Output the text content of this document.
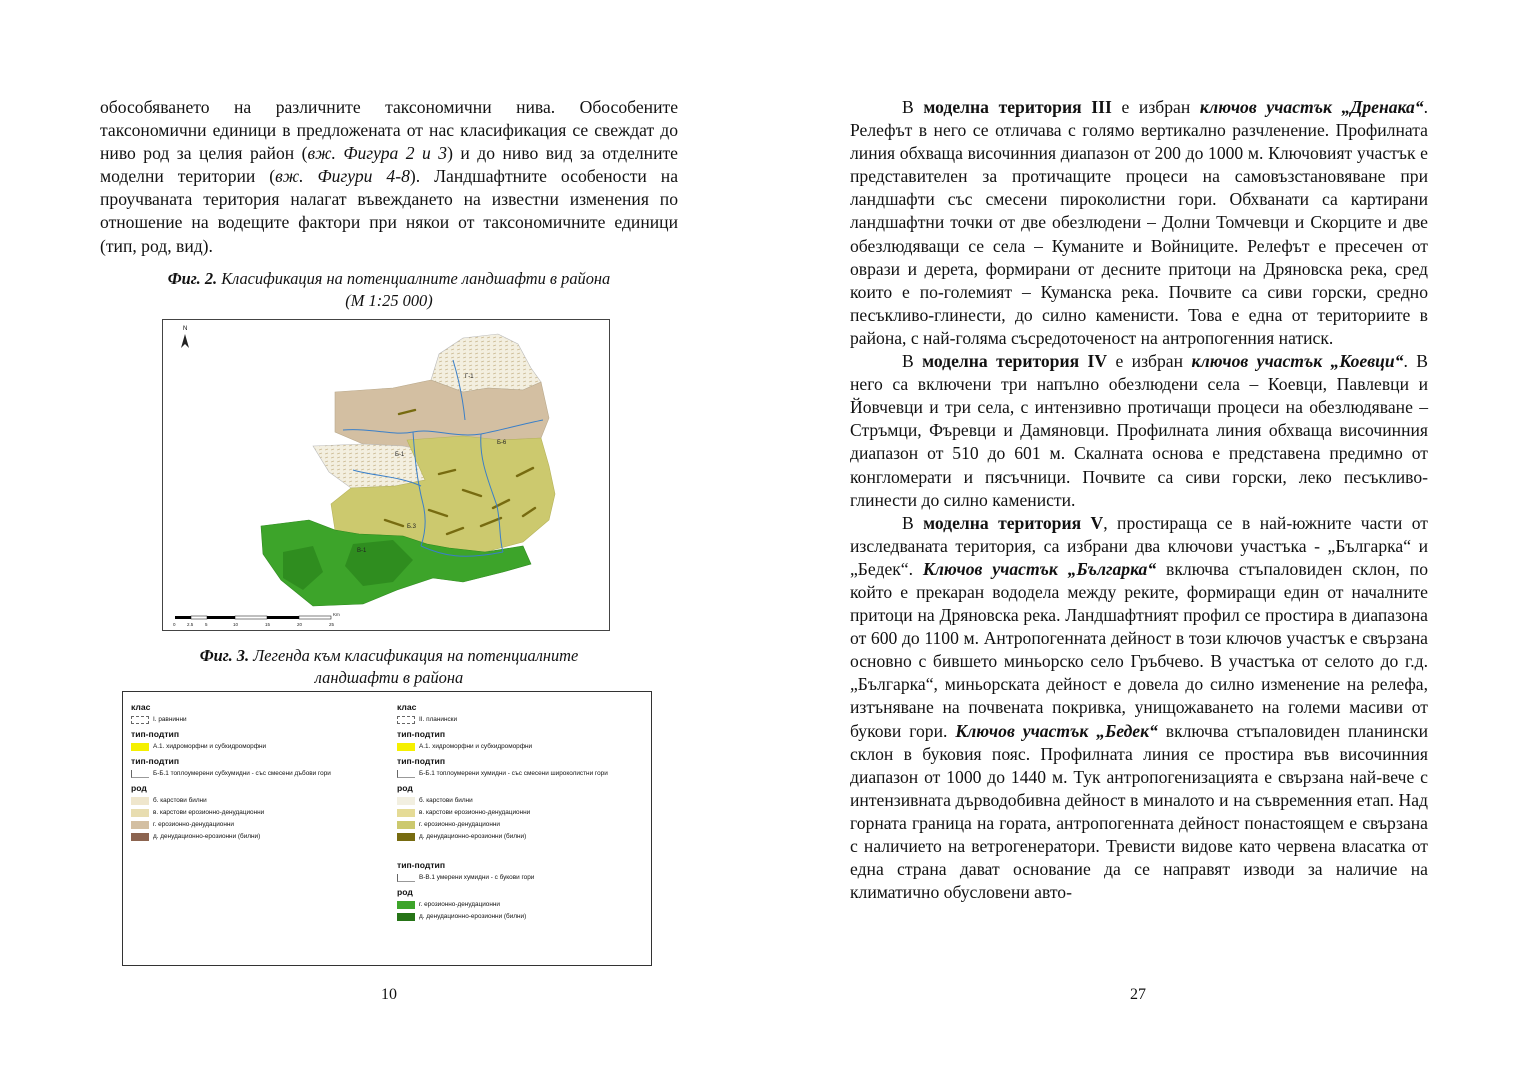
обособяването на различните таксономични нива. Обособените таксономични единици в предложената от нас класификация се свеждат до ниво род за целия район (вж. Фигура 2 и 3) и до ниво вид за отделните моделни територии (вж. Фигури 4-8). Ландшафтните особености на проучваната територия налагат въвеждането на известни изменения по отношение на водещите фактори при някои от таксономичните единици (тип, род, вид).

Фиг. 2. Класификация на потенциалните ландшафти в района

(М 1:25 000)

N
Г-1
Б-1
Б-6
В-1
Б.3
0	2.5	5	10	15	20	25
Km

Фиг. 3. Легенда към класификация на потенциалните

ландшафти в района

клас
I. равнинни
тип-подтип
А.1. хидроморфни и субхидроморфни
тип-подтип
Б-Б.1 топлоумерени субхумидни - със смесени дъбови гори
род
б. карстови билни
в. карстови ерозионно-денудационни
г. ерозионно-денудационни
д. денудационно-ерозионни (билни)
клас
II. планински
тип-подтип
А.1. хидроморфни и субхидроморфни
тип-подтип
Б-Б.1 топлоумерени хумидни - със смесени широколистни гори
род
б. карстови билни
в. карстови ерозионно-денудационни
г. ерозионно-денудационни
д. денудационно-ерозионни (билни)
тип-подтип
В-В.1 умерени хумидни - с букови гори
род
г. ерозионно-денудационни
д. денудационно-ерозионни (билни)
10

В моделна територия III е избран ключов участък „Дренака“. Релефът в него се отличава с голямо вертикално разчленение. Профилната линия обхваща височинния диапазон от 200 до 1000 м. Ключовият участък е представителен за протичащите процеси на самовъзстановяване при ландшафти със смесени пироколистни гори. Обхванати са картирани ландшафтни точки от две обезлюдени – Долни Томчевци и Скорците и две обезлюдяващи се села – Куманите и Войниците. Релефът е пресечен от оврази и дерета, формирани от десните притоци на Дряновска река, сред които е по-големият – Куманска река. Почвите са сиви горски, средно песъкливо-глинести, до силно каменисти. Това е една от териториите в района, с най-голяма съсредоточеност на антропогенния натиск.

В моделна територия IV е избран ключов участък „Коевци“. В него са включени три напълно обезлюдени села – Коевци, Павлевци и Йовчевци и три села, с интензивно протичащи процеси на обезлюдяване – Стръмци, Фъревци и Дамяновци. Профилната линия обхваща височинния диапазон от 510 до 601 м. Скалната основа е представена предимно от конгломерати и пясъчници. Почвите са сиви горски, леко песъкливо-глинести до силно каменисти.

В моделна територия V, простираща се в най-южните части от изследваната територия, са избрани два ключови участъка - „Българка“ и „Бедек“. Ключов участък „Българка“ включва стъпаловиден склон, по който е прекаран вододела между реките, формиращи един от началните притоци на Дряновска река. Ландшафтният профил се простира в диапазона от 600 до 1100 м. Антропогенната дейност в този ключов участък е свързана основно с бившето миньорско село Гръбчево. В участъка от селото до г.д. „Българка“, миньорската дейност е довела до силно изменение на релефа, изтъняване на почвената покривка, унищожаването на големи масиви от букови гори. Ключов участък „Бедек“ включва стъпаловиден планински склон в буковия пояс. Профилната линия се простира във височинния диапазон от 1000 до 1440 м. Тук антропогенизацията е свързана най-вече с интензивната дърводобивна дейност в миналото и на съвременния етап. Над горната граница на гората, антропогенната дейност понастоящем е свързана с наличието на ветрогенератори. Тревисти видове като червена власатка от една страна дават основание да се направят изводи за наличие на климатично обусловени авто-

27
